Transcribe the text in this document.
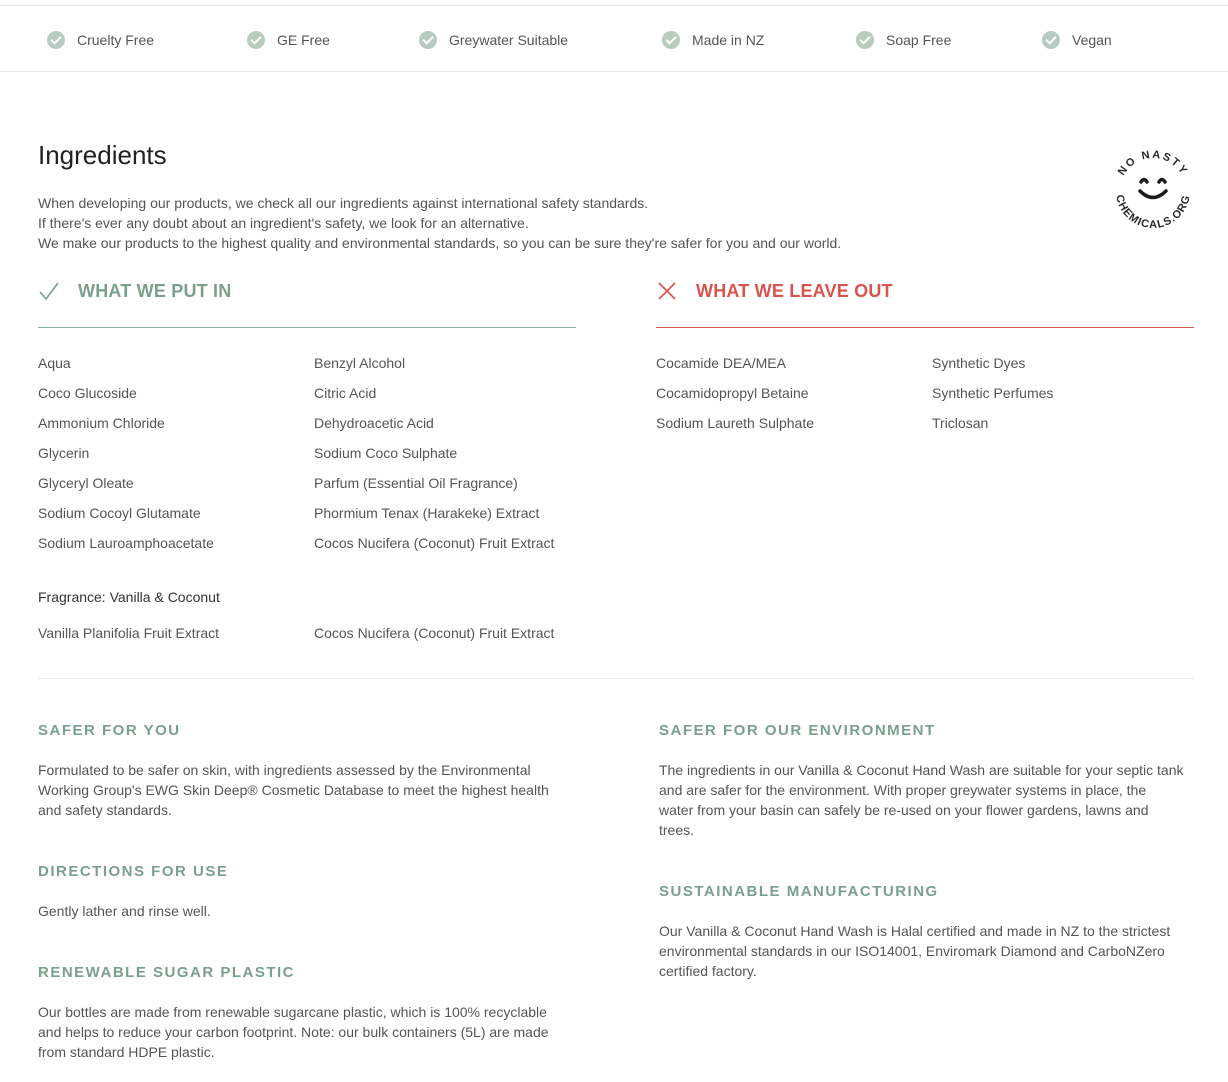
Cruelty Free	GE Free	Greywater Suitable	Made in NZ	Soap Free	Vegan
Ingredients

When developing our products, we check all our ingredients against international safety standards.

If there's ever any doubt about an ingredient's safety, we look for an alternative.

We make our products to the highest quality and environmental standards, so you can be sure they're safer for you and our world.

NO NASTY
CHEMICALS.ORG
WHAT WE PUT IN	WHAT WE LEAVE OUT
Aqua
Coco Glucoside
Ammonium Chloride
Glycerin
Glyceryl Oleate
Sodium Cocoyl Glutamate
Sodium Lauroamphoacetate
Benzyl Alcohol
Citric Acid
Dehydroacetic Acid
Sodium Coco Sulphate
Parfum (Essential Oil Fragrance)
Phormium Tenax (Harakeke) Extract
Cocos Nucifera (Coconut) Fruit Extract
Cocamide DEA/MEA
Cocamidopropyl Betaine
Sodium Laureth Sulphate
Synthetic Dyes
Synthetic Perfumes
Triclosan
Fragrance: Vanilla & Coconut
Vanilla Planifolia Fruit Extract	Cocos Nucifera (Coconut) Fruit Extract
SAFER FOR YOU
Formulated to be safer on skin, with ingredients assessed by the Environmental
Working Group's EWG Skin Deep® Cosmetic Database to meet the highest health
and safety standards.
DIRECTIONS FOR USE
Gently lather and rinse well.
RENEWABLE SUGAR PLASTIC
Our bottles are made from renewable sugarcane plastic, which is 100% recyclable
and helps to reduce your carbon footprint. Note: our bulk containers (5L) are made
from standard HDPE plastic.
SAFER FOR OUR ENVIRONMENT
The ingredients in our Vanilla & Coconut Hand Wash are suitable for your septic tank
and are safer for the environment. With proper greywater systems in place, the
water from your basin can safely be re-used on your flower gardens, lawns and
trees.
SUSTAINABLE MANUFACTURING
Our Vanilla & Coconut Hand Wash is Halal certified and made in NZ to the strictest
environmental standards in our ISO14001, Enviromark Diamond and CarboNZero
certified factory.
